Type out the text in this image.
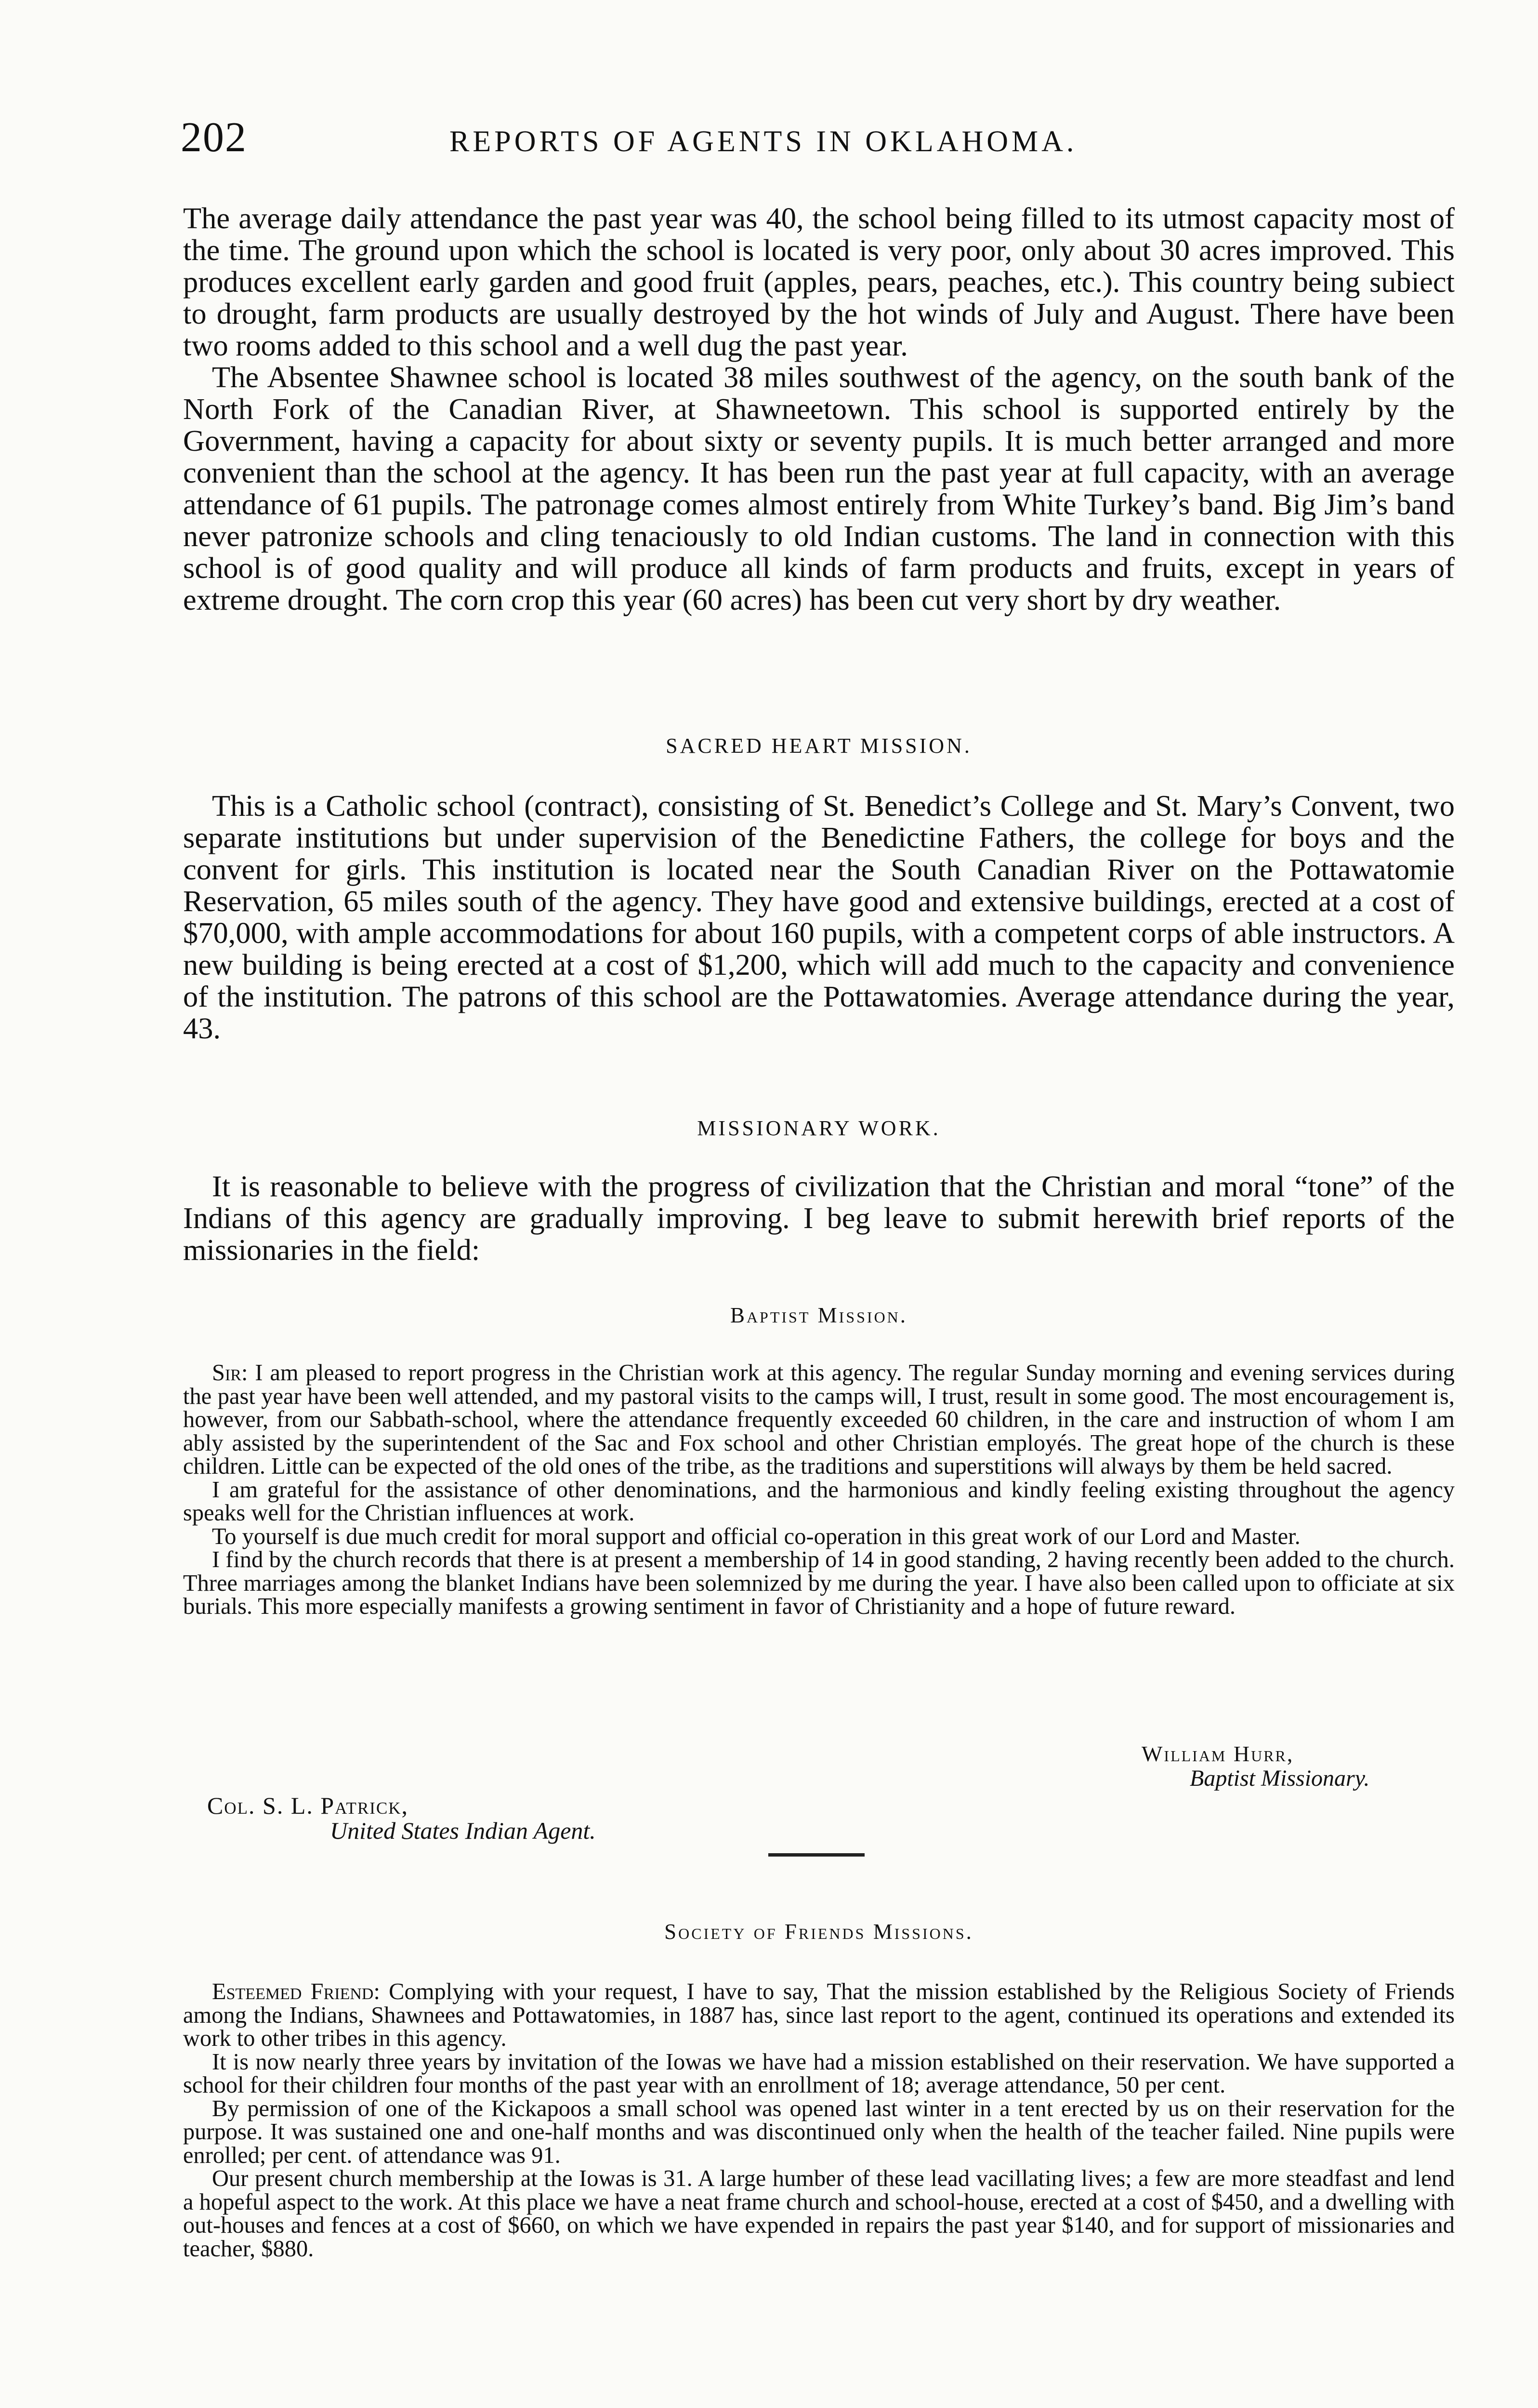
202	REPORTS OF AGENTS IN OKLAHOMA.

The average daily attendance the past year was 40, the school being filled to its utmost capacity most of the time. The ground upon which the school is located is very poor, only about 30 acres improved. This produces excellent early garden and good fruit (apples, pears, peaches, etc.). This country being subiect to drought, farm products are usually destroyed by the hot winds of July and August. There have been two rooms added to this school and a well dug the past year.

The Absentee Shawnee school is located 38 miles southwest of the agency, on the south bank of the North Fork of the Canadian River, at Shawneetown. This school is supported entirely by the Government, having a capacity for about sixty or seventy pupils. It is much better arranged and more convenient than the school at the agency. It has been run the past year at full capacity, with an average attendance of 61 pupils. The patronage comes almost entirely from White Turkey’s band. Big Jim’s band never patronize schools and cling tenaciously to old Indian customs. The land in connection with this school is of good quality and will produce all kinds of farm products and fruits, except in years of extreme drought. The corn crop this year (60 acres) has been cut very short by dry weather.

SACRED HEART MISSION.

This is a Catholic school (contract), consisting of St. Benedict’s College and St. Mary’s Convent, two separate institutions but under supervision of the Benedictine Fathers, the college for boys and the convent for girls. This institution is located near the South Canadian River on the Pottawatomie Reservation, 65 miles south of the agency. They have good and extensive buildings, erected at a cost of $70,000, with ample accommodations for about 160 pupils, with a competent corps of able instructors. A new building is being erected at a cost of $1,200, which will add much to the capacity and convenience of the institution. The patrons of this school are the Pottawatomies. Average attendance during the year, 43.

MISSIONARY WORK.

It is reasonable to believe with the progress of civilization that the Christian and moral “tone” of the Indians of this agency are gradually improving. I beg leave to submit herewith brief reports of the missionaries in the field:

Baptist Mission.

Sir: I am pleased to report progress in the Christian work at this agency. The regular Sunday morning and evening services during the past year have been well attended, and my pastoral visits to the camps will, I trust, result in some good. The most encouragement is, however, from our Sabbath-school, where the attendance frequently exceeded 60 children, in the care and instruction of whom I am ably assisted by the superintendent of the Sac and Fox school and other Christian employés. The great hope of the church is these children. Little can be expected of the old ones of the tribe, as the traditions and superstitions will always by them be held sacred.

I am grateful for the assistance of other denominations, and the harmonious and kindly feeling existing throughout the agency speaks well for the Christian influences at work.

To yourself is due much credit for moral support and official co-operation in this great work of our Lord and Master.

I find by the church records that there is at present a membership of 14 in good standing, 2 having recently been added to the church. Three marriages among the blanket Indians have been solemnized by me during the year. I have also been called upon to officiate at six burials. This more especially manifests a growing sentiment in favor of Christianity and a hope of future reward.

William Hurr,
Baptist Missionary.
Col. S. L. Patrick,
United States Indian Agent.
Society of Friends Missions.

Esteemed Friend: Complying with your request, I have to say, That the mission established by the Religious Society of Friends among the Indians, Shawnees and Pottawatomies, in 1887 has, since last report to the agent, continued its operations and extended its work to other tribes in this agency.

It is now nearly three years by invitation of the Iowas we have had a mission established on their reservation. We have supported a school for their children four months of the past year with an enrollment of 18; average attendance, 50 per cent.

By permission of one of the Kickapoos a small school was opened last winter in a tent erected by us on their reservation for the purpose. It was sustained one and one-half months and was discontinued only when the health of the teacher failed. Nine pupils were enrolled; per cent. of attendance was 91.

Our present church membership at the Iowas is 31. A large humber of these lead vacillating lives; a few are more steadfast and lend a hopeful aspect to the work. At this place we have a neat frame church and school-house, erected at a cost of $450, and a dwelling with out-houses and fences at a cost of $660, on which we have expended in repairs the past year $140, and for support of missionaries and teacher, $880.
